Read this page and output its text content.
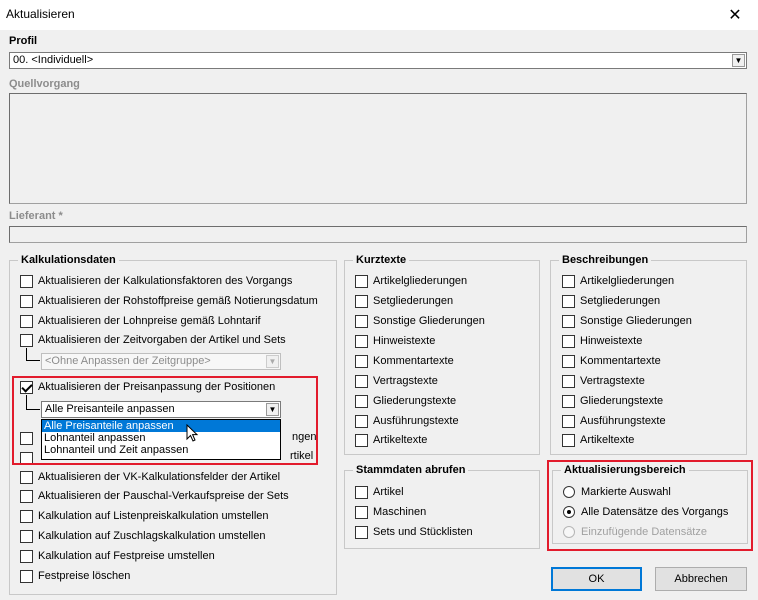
Aktualisieren	✕
Profil
00. <Individuell>	▼
Quellvorgang
Lieferant *
Kalkulationsdaten
Aktualisieren der Kalkulationsfaktoren des Vorgangs
Aktualisieren der Rohstoffpreise gemäß Notierungsdatum
Aktualisieren der Lohnpreise gemäß Lohntarif
Aktualisieren der Zeitvorgaben der Artikel und Sets
<Ohne Anpassen der Zeitgruppe>	▼
ngen
rtikel
Aktualisieren der Preisanpassung der Positionen
Alle Preisanteile anpassen	▼
Alle Preisanteile anpassen
Lohnanteil anpassen
Lohnanteil und Zeit anpassen
Aktualisieren der VK-Kalkulationsfelder der Artikel
Aktualisieren der Pauschal-Verkaufspreise der Sets
Kalkulation auf Listenpreiskalkulation umstellen
Kalkulation auf Zuschlagskalkulation umstellen
Kalkulation auf Festpreise umstellen
Festpreise löschen
Kurztexte
Artikelgliederungen
Setgliederungen
Sonstige Gliederungen
Hinweistexte
Kommentartexte
Vertragstexte
Gliederungstexte
Ausführungstexte
Artikeltexte
Stammdaten abrufen
Artikel
Maschinen
Sets und Stücklisten
Beschreibungen
Artikelgliederungen
Setgliederungen
Sonstige Gliederungen
Hinweistexte
Kommentartexte
Vertragstexte
Gliederungstexte
Ausführungstexte
Artikeltexte
Aktualisierungsbereich
Markierte Auswahl
Alle Datensätze des Vorgangs
Einzufügende Datensätze
OK	Abbrechen
